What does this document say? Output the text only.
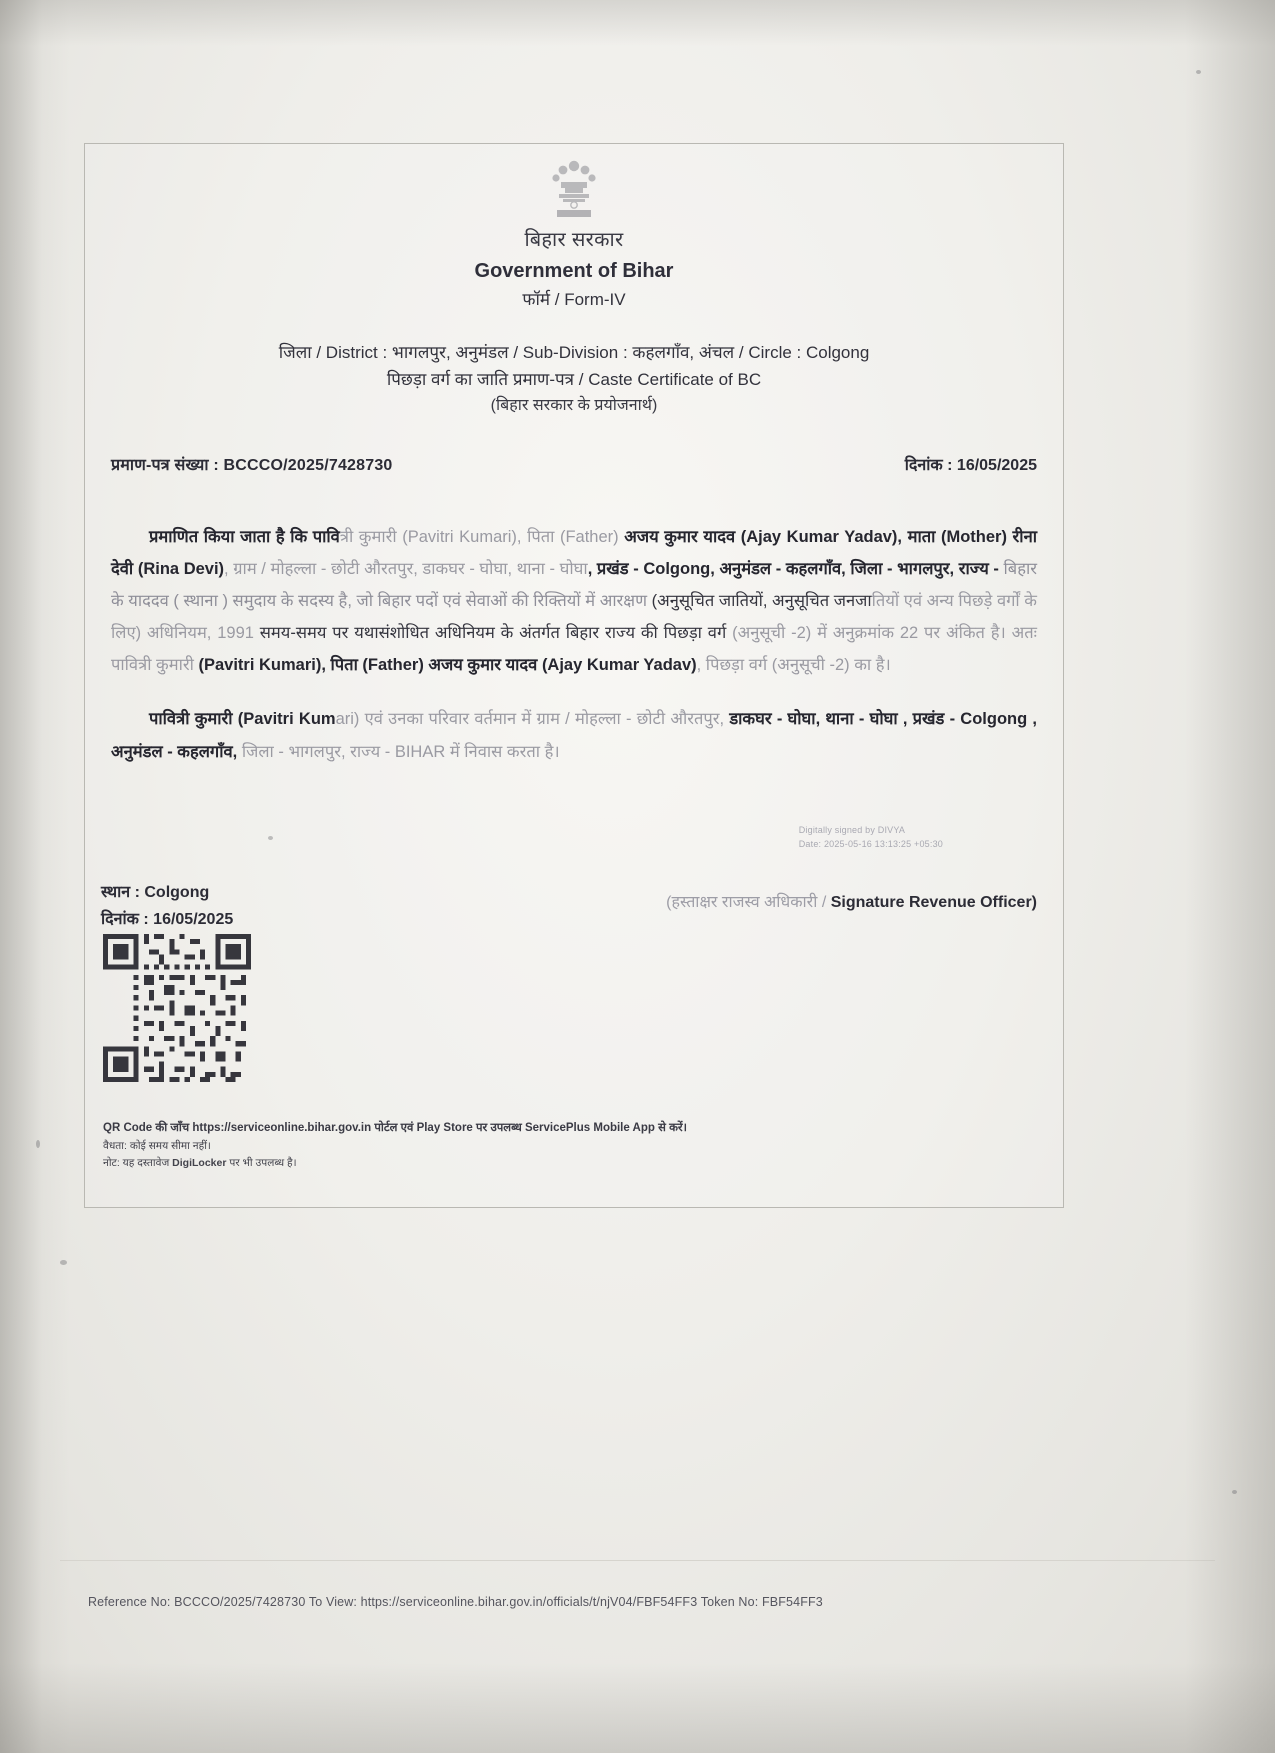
बिहार सरकार
Government of Bihar
फॉर्म / Form-IV
जिला / District : भागलपुर, अनुमंडल / Sub-Division : कहलगाँव, अंचल / Circle : Colgong
पिछड़ा वर्ग का जाति प्रमाण-पत्र / Caste Certificate of BC
(बिहार सरकार के प्रयोजनार्थ)
प्रमाण-पत्र संख्या : BCCCO/2025/7428730	दिनांक : 16/05/2025

प्रमाणित किया जाता है कि पावित्री कुमारी (Pavitri Kumari), पिता (Father) अजय कुमार यादव (Ajay Kumar Yadav), माता (Mother) रीना देवी (Rina Devi), ग्राम / मोहल्ला - छोटी औरतपुर, डाकघर - घोघा, थाना - घोघा, प्रखंड - Colgong, अनुमंडल - कहलगाँव, जिला - भागलपुर, राज्य - बिहार के याददव ( स्थाना ) समुदाय के सदस्य है, जो बिहार पदों एवं सेवाओं की रिक्तियों में आरक्षण (अनुसूचित जातियों, अनुसूचित जनजातियों एवं अन्य पिछड़े वर्गों के लिए) अधिनियम, 1991 समय-समय पर यथासंशोधित अधिनियम के अंतर्गत बिहार राज्य की पिछड़ा वर्ग (अनुसूची -2) में अनुक्रमांक 22 पर अंकित है। अतः पावित्री कुमारी (Pavitri Kumari), पिता (Father) अजय कुमार यादव (Ajay Kumar Yadav), पिछड़ा वर्ग (अनुसूची -2) का है।

पावित्री कुमारी (Pavitri Kumari) एवं उनका परिवार वर्तमान में ग्राम / मोहल्ला - छोटी औरतपुर, डाकघर - घोघा, थाना - घोघा , प्रखंड - Colgong , अनुमंडल - कहलगाँव, जिला - भागलपुर, राज्य - BIHAR में निवास करता है।

Digitally signed by DIVYA
Date: 2025-05-16 13:13:25 +05:30
(हस्ताक्षर राजस्व अधिकारी / Signature Revenue Officer)
स्थान : Colgong
दिनांक : 16/05/2025
QR Code की जाँच https://serviceonline.bihar.gov.in पोर्टल एवं Play Store पर उपलब्ध ServicePlus Mobile App से करें।
वैधता: कोई समय सीमा नहीं।
नोट: यह दस्तावेज DigiLocker पर भी उपलब्ध है।
Reference No: BCCCO/2025/7428730 To View: https://serviceonline.bihar.gov.in/officials/t/njV04/FBF54FF3 Token No: FBF54FF3
